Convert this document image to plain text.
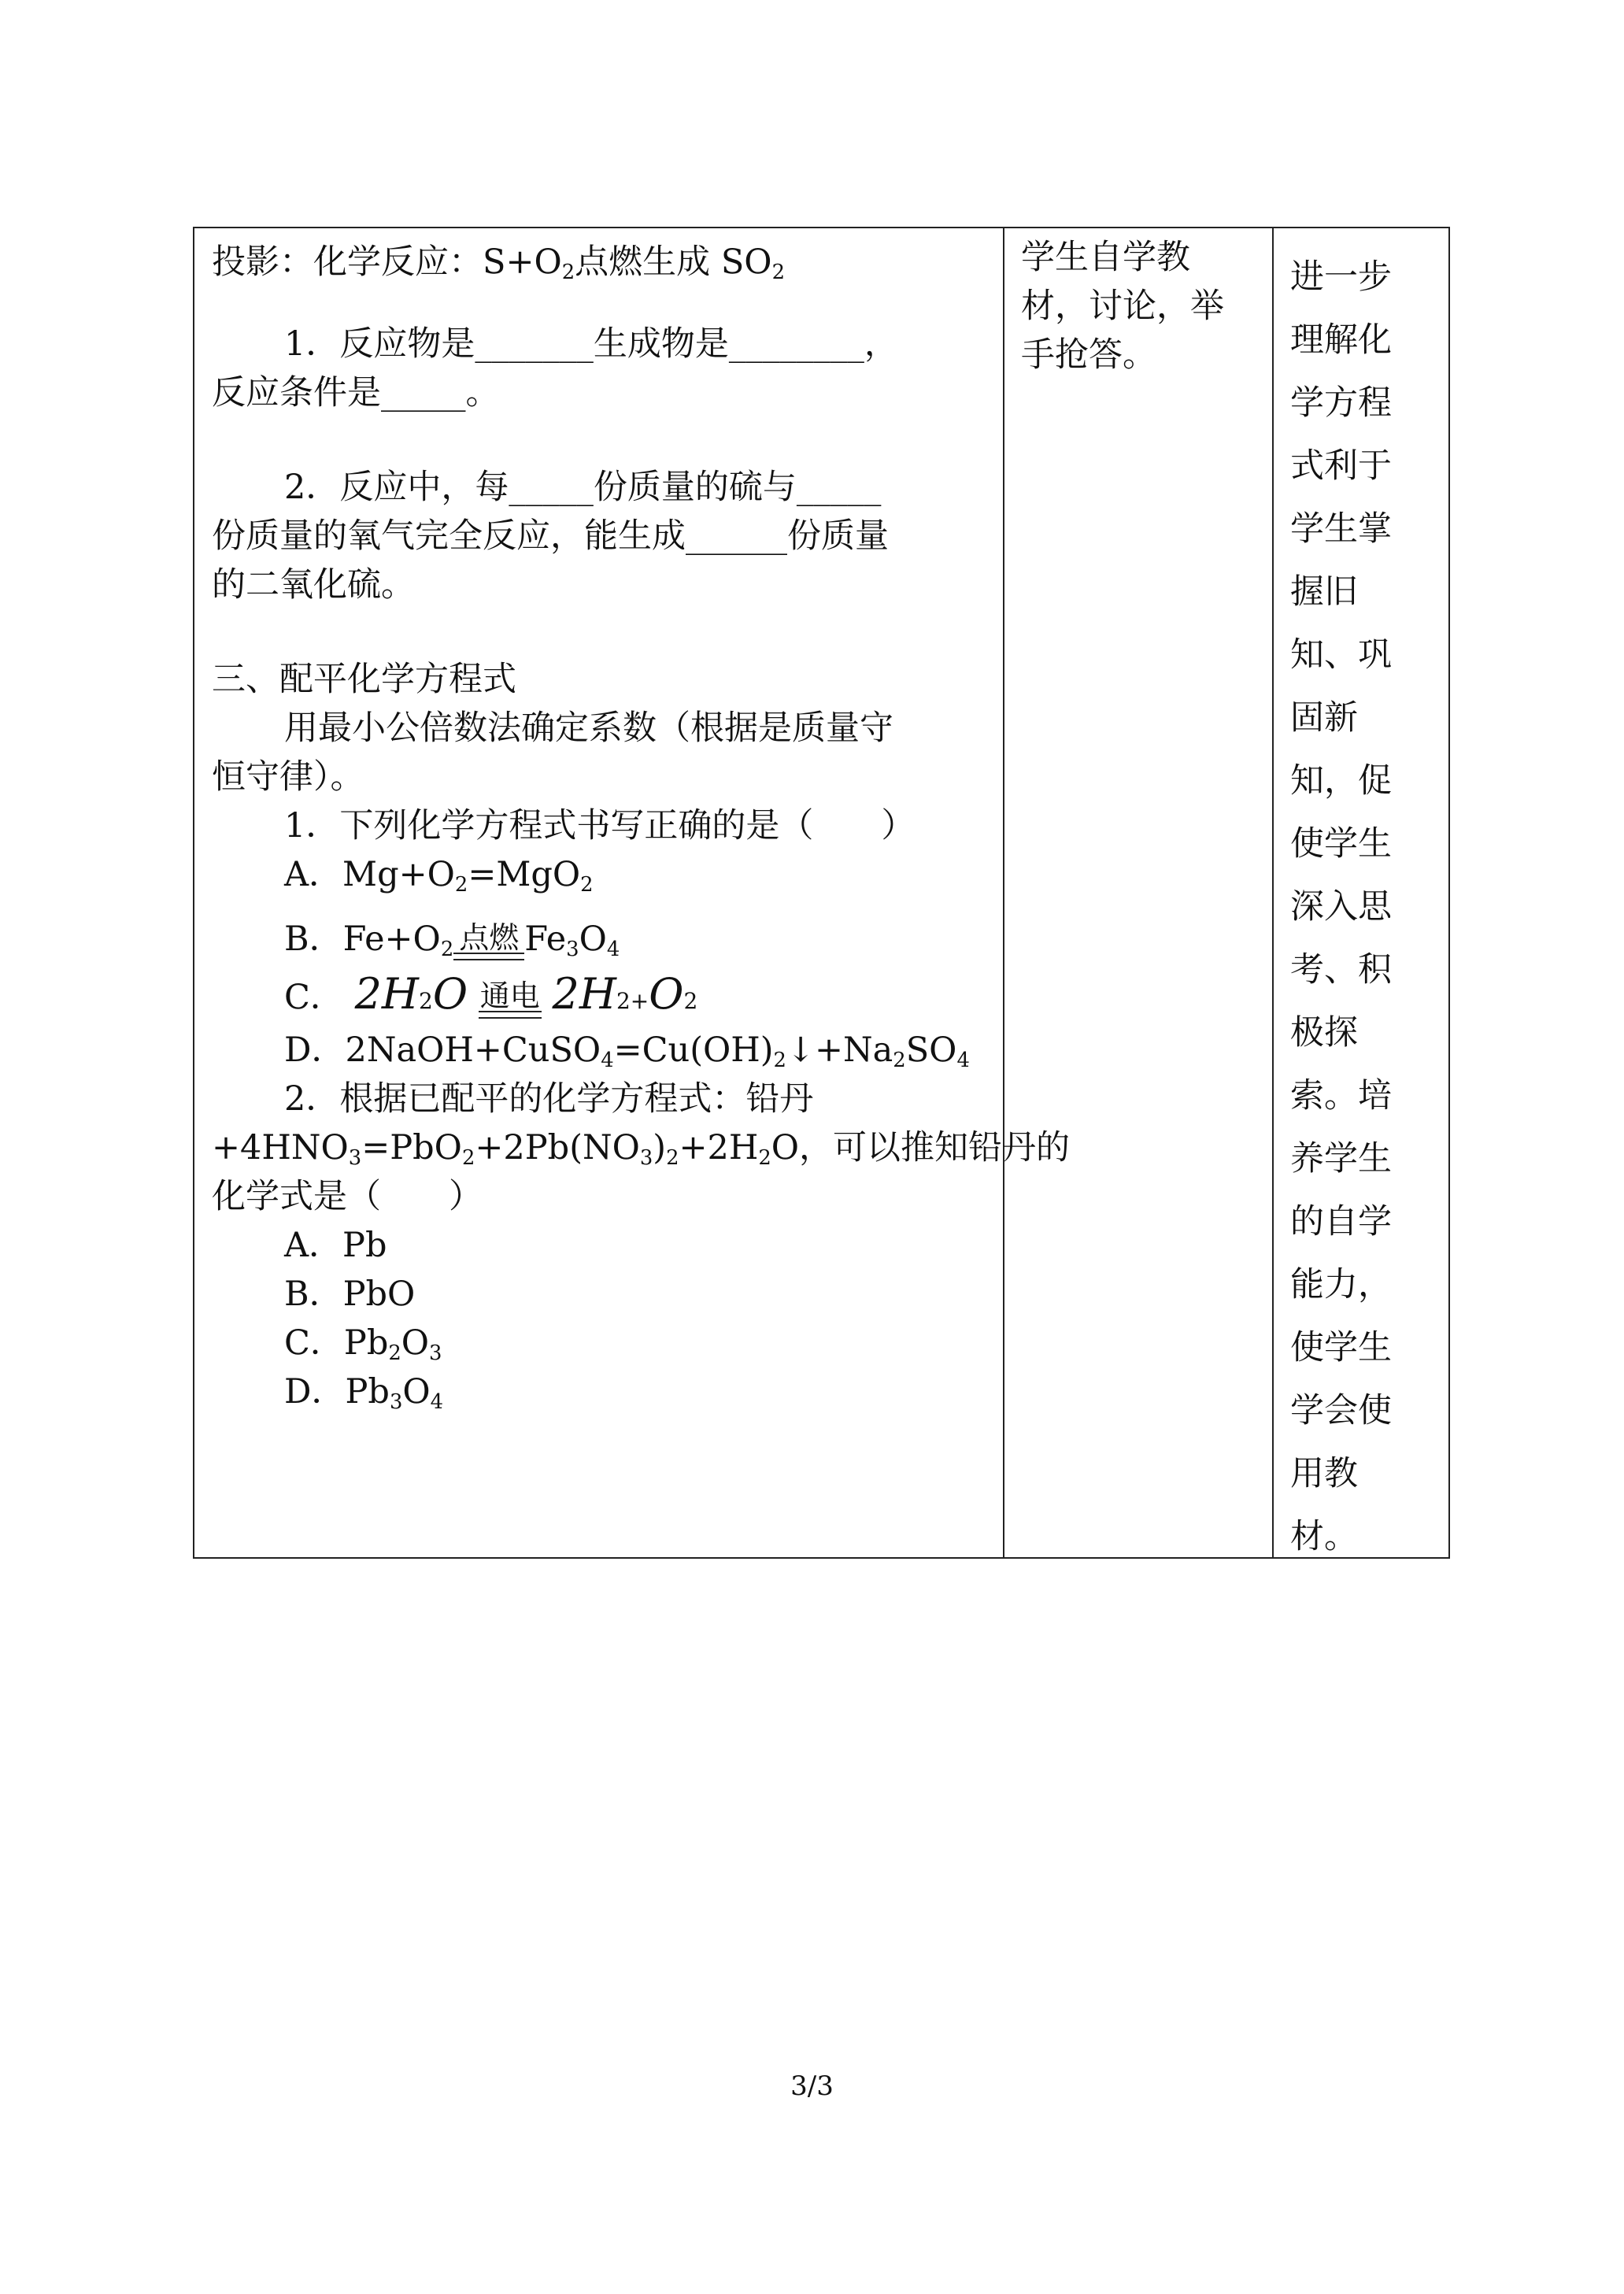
投影：化学反应：$S+O_2$点燃生成 $SO_2$
1．反应物是_______生成物是________，
反应条件是_____。
2．反应中，每_____份质量的硫与_____
份质量的氧气完全反应，能生成______份质量
的二氧化硫。
三、配平化学方程式
用最小公倍数法确定系数（根据是质量守
恒守律）。
1．下列化学方程式书写正确的是（　　）
A．$Mg+O_2=MgO_2$
B．$Fe+O_2$ 点燃 $Fe_3O_4$
C． 2H2O 通电 2H2+O2
D．$2NaOH+CuSO_4=Cu(OH)_2↓+Na_2SO_4$
2．根据已配平的化学方程式：铅丹
$+4HNO_3=PbO_2+2Pb(NO_3)_2+2H_2O$，可以推知铅丹的
化学式是（　　）
A．Pb
B．PbO
C．$Pb_2O_3$
D．$Pb_3O_4$
学生自学教
材，讨论，举
手抢答。
进一步
理解化
学方程
式利于
学生掌
握旧
知、巩
固新
知，促
使学生
深入思
考、积
极探
索。培
养学生
的自学
能力，
使学生
学会使
用教
材。
3/3
